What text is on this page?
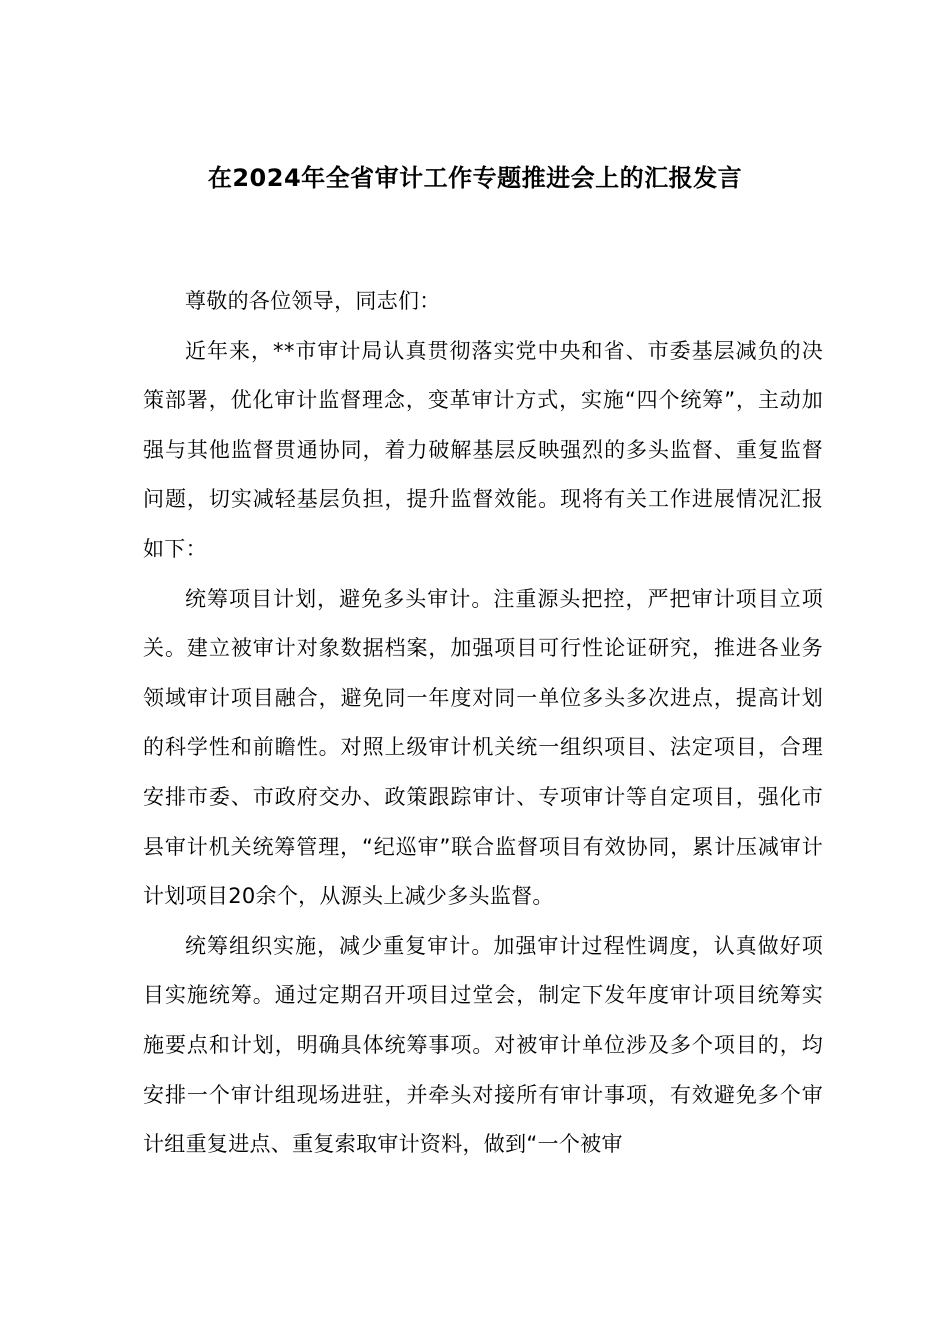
在2024年全省审计工作专题推进会上的汇报发言

尊敬的各位领导，同志们：

近年来，**市审计局认真贯彻落实党中央和省、市委基层减负的决策部署，优化审计监督理念，变革审计方式，实施“四个统筹”，主动加强与其他监督贯通协同，着力破解基层反映强烈的多头监督、重复监督问题，切实减轻基层负担，提升监督效能。现将有关工作进展情况汇报如下：

统筹项目计划，避免多头审计。注重源头把控，严把审计项目立项关。建立被审计对象数据档案，加强项目可行性论证研究，推进各业务领域审计项目融合，避免同一年度对同一单位多头多次进点，提高计划的科学性和前瞻性。对照上级审计机关统一组织项目、法定项目，合理安排市委、市政府交办、政策跟踪审计、专项审计等自定项目，强化市县审计机关统筹管理，“纪巡审”联合监督项目有效协同，累计压减审计计划项目20余个，从源头上减少多头监督。

统筹组织实施，减少重复审计。加强审计过程性调度，认真做好项目实施统筹。通过定期召开项目过堂会，制定下发年度审计项目统筹实施要点和计划，明确具体统筹事项。对被审计单位涉及多个项目的，均安排一个审计组现场进驻，并牵头对接所有审计事项，有效避免多个审计组重复进点、重复索取审计资料，做到“一个被审
